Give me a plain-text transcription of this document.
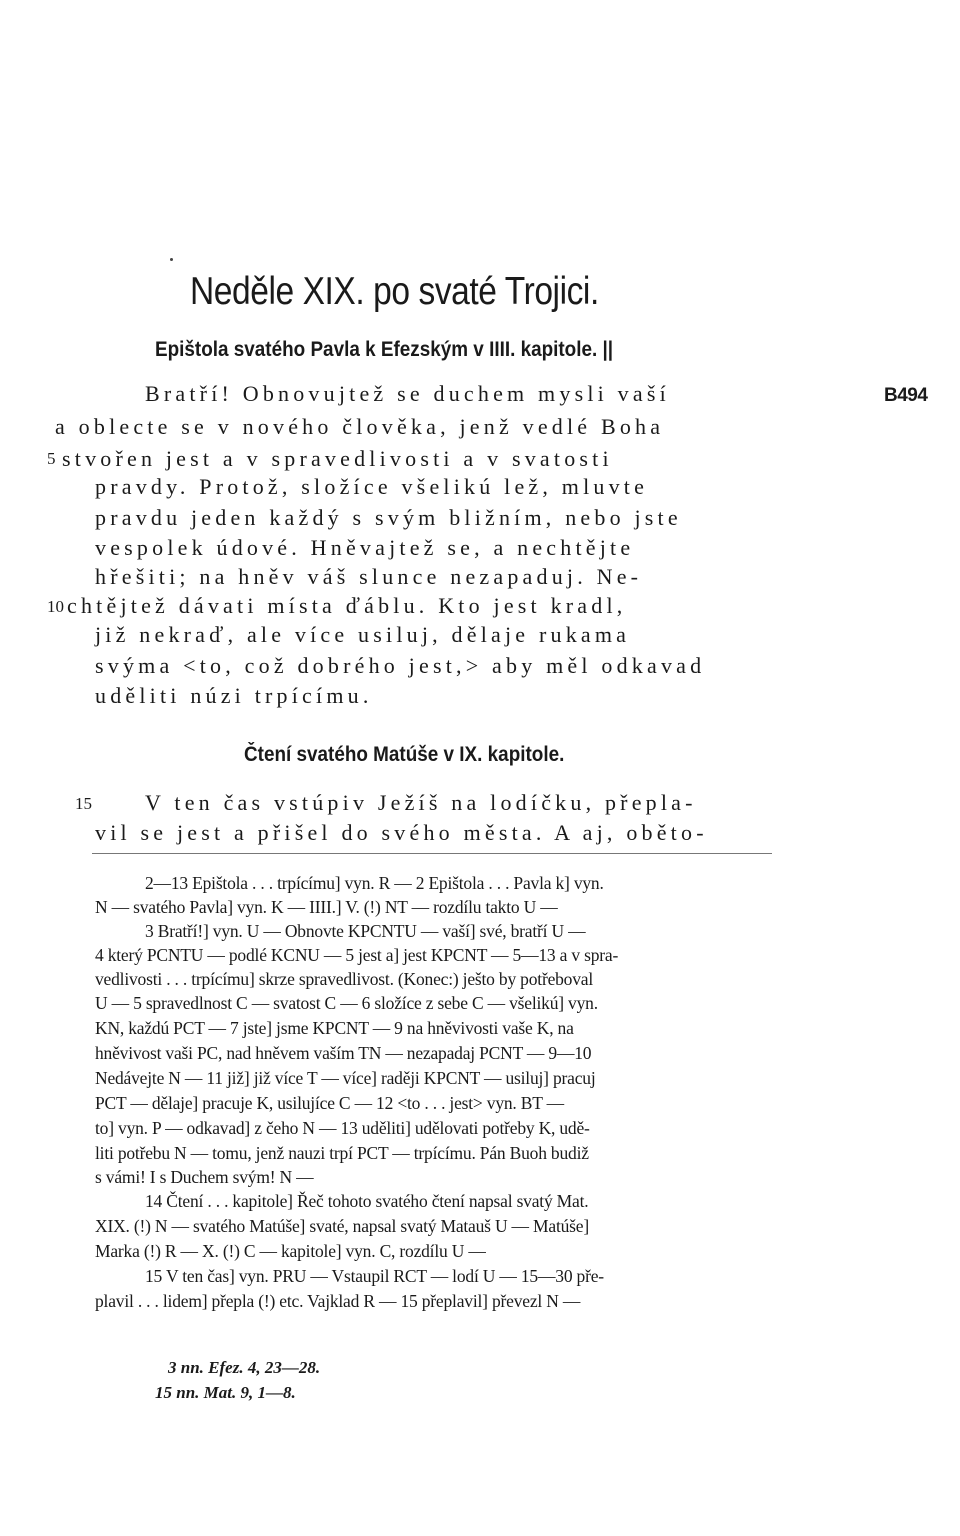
Neděle XIX. po svaté Trojici.
Epištola svatého Pavla k Efezským v IIII. kapitole. ||
B494
Bratří! Obnovujtež se duchem mysli vaší
a oblecte se v nového člověka, jenž vedlé Boha
5 stvořen jest a v spravedlivosti a v svatosti
pravdy. Protož, složíce všelikú lež, mluvte
pravdu jeden každý s svým bližním, nebo jste
vespolek údové. Hněvajtež se, a nechtějte
hřešiti; na hněv váš slunce nezapaduj. Ne-
10 chtějtež dávati místa ďáblu. Kto jest kradl,
již nekraď, ale více usiluj, dělaje rukama
svýma <to, což dobrého jest,> aby měl odkavad
uděliti núzi trpícímu.
Čtení svatého Matúše v IX. kapitole.
15 V ten čas vstúpiv Ježíš na lodíčku, přepla-
vil se jest a přišel do svého města. A aj, oběto-
2—13 Epištola . . . trpícímu] vyn. R — 2 Epištola . . . Pavla k] vyn.
N — svatého Pavla] vyn. K — IIII.] V. (!) NT — rozdílu takto U —
3 Bratří!] vyn. U — Obnovte KPCNTU — vaší] své, bratří U —
4 který PCNTU — podlé KCNU — 5 jest a] jest KPCNT — 5—13 a v spra-
vedlivosti . . . trpícímu] skrze spravedlivost. (Konec:) ješto by potřeboval
U — 5 spravedlnost C — svatost C — 6 složíce z sebe C — všelikú] vyn.
KN, každú PCT — 7 jste] jsme KPCNT — 9 na hněvivosti vaše K, na
hněvivost vaši PC, nad hněvem vaším TN — nezapadaj PCNT — 9—10
Nedávejte N — 11 již] již více T — více] raději KPCNT — usiluj] pracuj
PCT — dělaje] pracuje K, usilujíce C — 12 <to . . . jest> vyn. BT —
to] vyn. P — odkavad] z čeho N — 13 uděliti] udělovati potřeby K, udě-
liti potřebu N — tomu, jenž nauzi trpí PCT — trpícímu. Pán Buoh budiž
s vámi! I s Duchem svým! N —
14 Čtení . . . kapitole] Řeč tohoto svatého čtení napsal svatý Mat.
XIX. (!) N — svatého Matúše] svaté, napsal svatý Matauš U — Matúše]
Marka (!) R — X. (!) C — kapitole] vyn. C, rozdílu U —
15 V ten čas] vyn. PRU — Vstaupil RCT — lodí U — 15—30 pře-
plavil . . . lidem] přepla (!) etc. Vajklad R — 15 přeplavil] převezl N —
3 nn. Efez. 4, 23—28.
15 nn. Mat. 9, 1—8.
